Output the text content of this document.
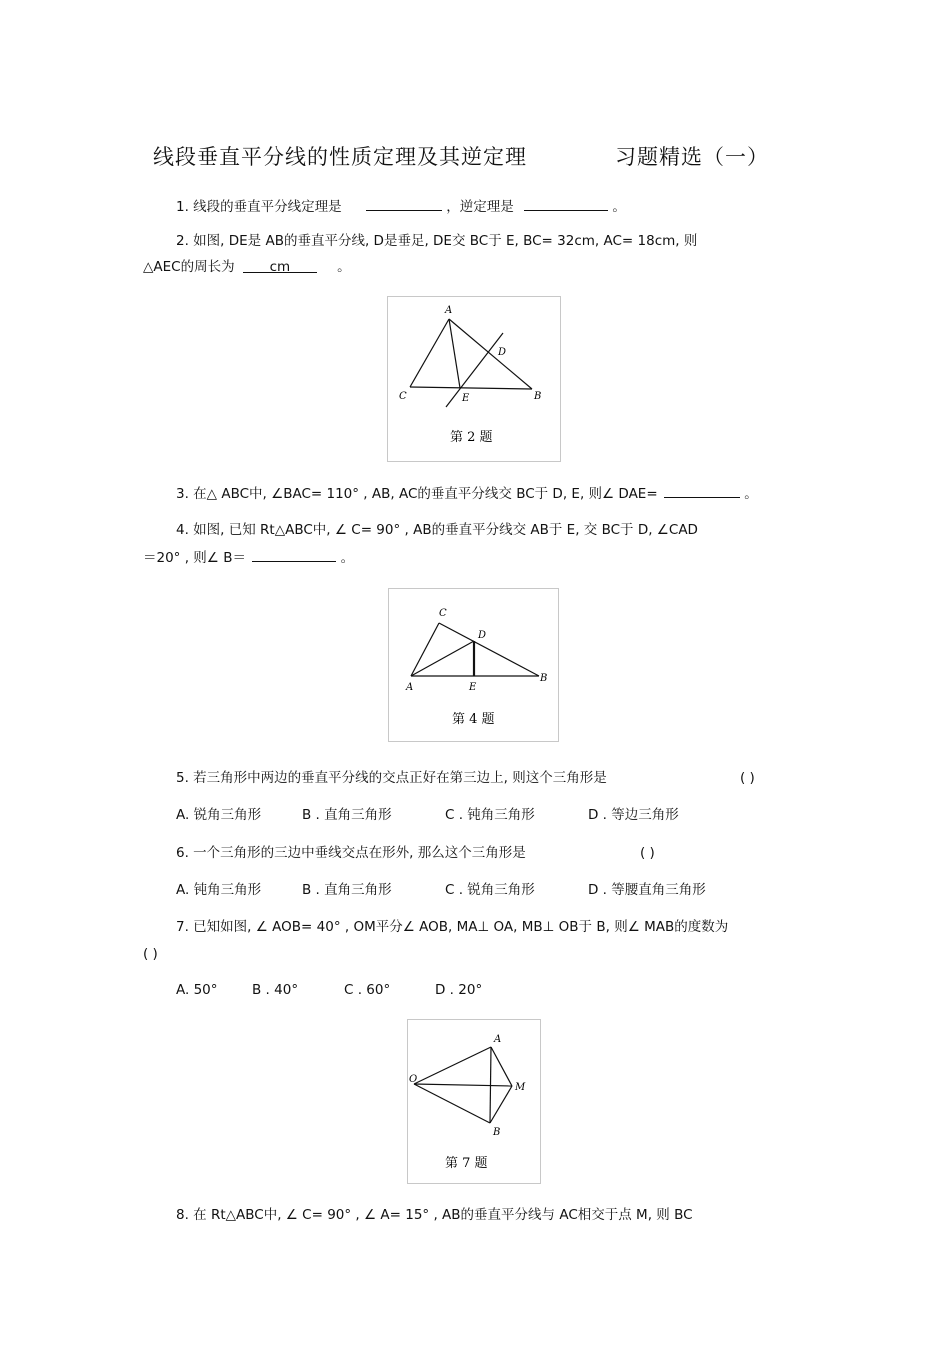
线段垂直平分线的性质定理及其逆定理	习题精选（一）
1. 线段的垂直平分线定理是	，逆定理是	。
2. 如图, DE是 AB的垂直平分线, D是垂足, DE交 BC于 E, BC= 32cm, AC= 18cm, 则
△AEC的周长为	cm	。
A
D
C	E	B
第 2 题
3. 在△ ABC中, ∠BAC= 110° , AB, AC的垂直平分线交 BC于 D, E, 则∠ DAE=	。
4. 如图, 已知 Rt△ABC中, ∠ C= 90° , AB的垂直平分线交 AB于 E, 交 BC于 D, ∠CAD
＝20° , 则∠ B＝	。
C
D
A	E
B
第 4 题
5. 若三角形中两边的垂直平分线的交点正好在第三边上, 则这个三角形是	( )
A. 锐角三角形	B . 直角三角形	C . 钝角三角形	D . 等边三角形
6. 一个三角形的三边中垂线交点在形外, 那么这个三角形是	( )
A. 钝角三角形	B . 直角三角形	C . 锐角三角形	D . 等腰直角三角形
7. 已知如图, ∠ AOB= 40° , OM平分∠ AOB, MA⊥ OA, MB⊥ OB于 B, 则∠ MAB的度数为
( )
A. 50°	B . 40°	C . 60°	D . 20°
A
O
M
B
第 7 题
8. 在 Rt△ABC中, ∠ C= 90° , ∠ A= 15° , AB的垂直平分线与 AC相交于点 M, 则 BC
